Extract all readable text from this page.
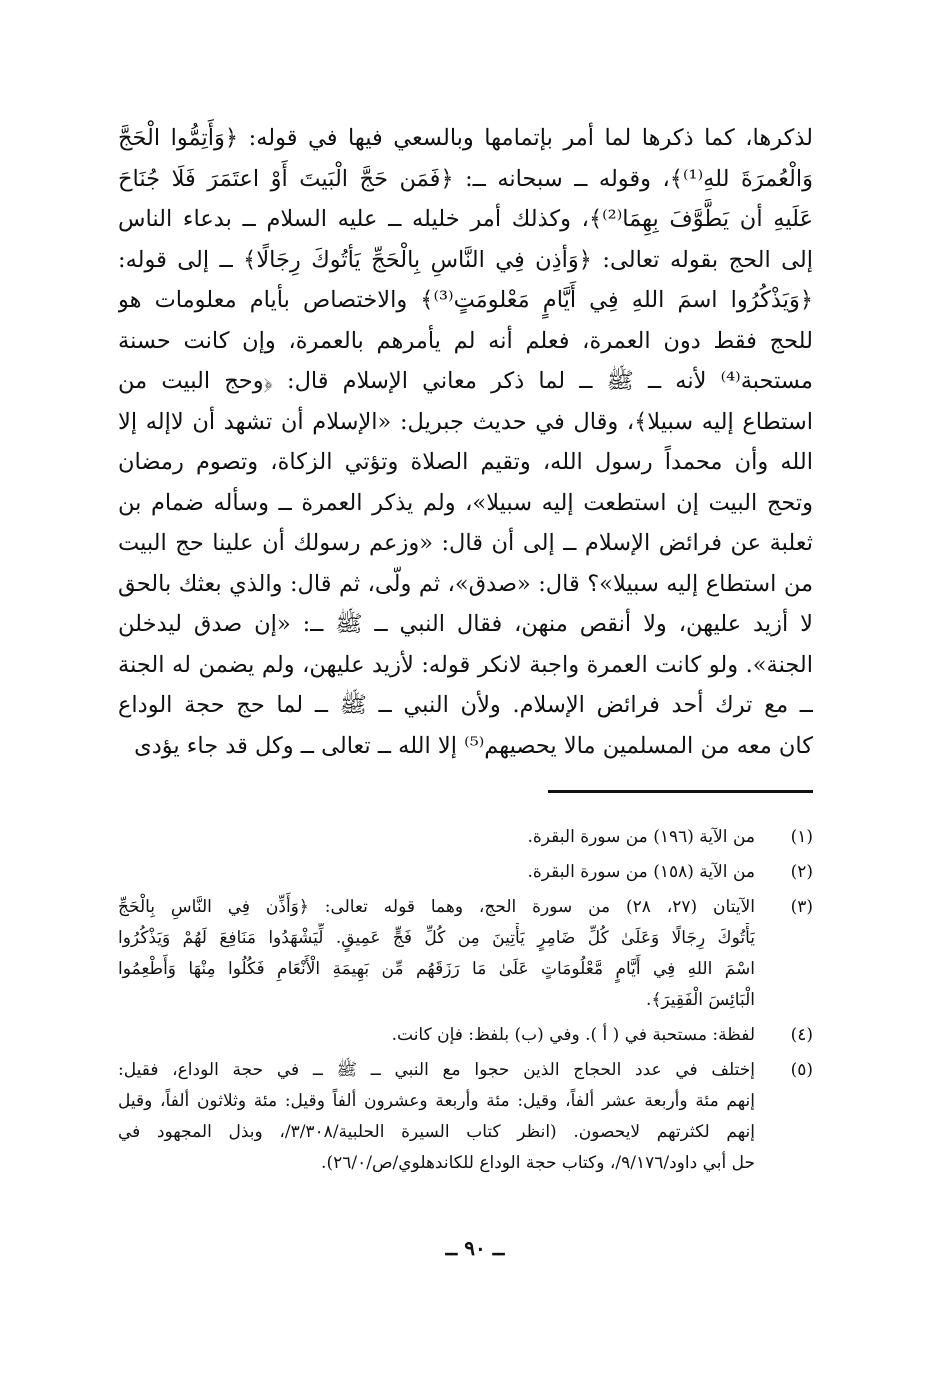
لذكرها، كما ذكرها لما أمر بإتمامها وبالسعي فيها في قوله: ﴿وَأَتِمُّوا الْحَجَّ
وَالْعُمرَةَ للهِ⁽¹⁾﴾، وقوله ــ سبحانه ــ: ﴿فَمَن حَجَّ الْبَيتَ أَوْ اعتَمَرَ فَلَا جُنَاحَ
عَلَيهِ أن يَطَّوَّفَ بِهِمَا⁽²⁾﴾، وكذلك أمر خليله ــ عليه السلام ــ بدعاء الناس
إلى الحج بقوله تعالى: ﴿وَأذِن فِي النَّاسِ بِالْحَجِّ يَأتُوكَ رِجَالًا﴾ ــ إلى قوله:
﴿وَيَذْكُرُوا اسمَ اللهِ فِي أَيَّامٍ مَعْلومَتٍ⁽³⁾﴾ والاختصاص بأيام معلومات هو
للحج فقط دون العمرة، فعلم أنه لم يأمرهم بالعمرة، وإن كانت حسنة
مستحبة⁽⁴⁾ لأنه ــ ﷺ ــ لما ذكر معاني الإسلام قال: ﴿وحج البيت من
استطاع إليه سبيلا﴾، وقال في حديث جبريل: «الإسلام أن تشهد أن لاإله إلا
الله وأن محمداً رسول الله، وتقيم الصلاة وتؤتي الزكاة، وتصوم رمضان
وتحج البيت إن استطعت إليه سبيلا»، ولم يذكر العمرة ــ وسأله ضمام بن
ثعلبة عن فرائض الإسلام ــ إلى أن قال: «وزعم رسولك أن علينا حج البيت
من استطاع إليه سبيلا»؟ قال: «صدق»، ثم ولّى، ثم قال: والذي بعثك بالحق
لا أزيد عليهن، ولا أنقص منهن، فقال النبي ــ ﷺ ــ: «إن صدق ليدخلن
الجنة». ولو كانت العمرة واجبة لانكر قوله: لأزيد عليهن، ولم يضمن له الجنة
ــ مع ترك أحد فرائض الإسلام. ولأن النبي ــ ﷺ ــ لما حج حجة الوداع
كان معه من المسلمين مالا يحصيهم⁽⁵⁾ إلا الله ــ تعالى ــ وكل قد جاء يؤدى
(١)
من الآية (١٩٦) من سورة البقرة.
(٢)
من الآية (١٥٨) من سورة البقرة.
(٣)
الآيتان (٢٧، ٢٨) من سورة الحج، وهما قوله تعالى: ﴿وَأَذِّن فِي النَّاسِ بِالْحَجِّ
يَأْتُوكَ رِجَالًا وَعَلَىٰ كُلِّ ضَامِرٍ يَأْتِينَ مِن كُلِّ فَجٍّ عَمِيقٍ. لِّيَشْهَدُوا مَنَافِعَ لَهُمْ وَيَذْكُرُوا
اسْمَ اللهِ فِي أَيَّامٍ مَّعْلُومَاتٍ عَلَىٰ مَا رَزَقَهُم مِّن بَهِيمَةِ الْأَنْعَامِ فَكُلُوا مِنْهَا وَأَطْعِمُوا
الْبَائِسَ الْفَقِيرَ﴾.
(٤)
لفظة: مستحبة في ( أ ). وفي (ب) بلفظ: فإن كانت.
(٥)
إختلف في عدد الحجاج الذين حجوا مع النبي ــ ﷺ ــ في حجة الوداع، فقيل:
إنهم مئة وأربعة عشر ألفاً، وقيل: مئة وأربعة وعشرون ألفاً وقيل: مئة وثلاثون ألفاً، وقيل
إنهم لكثرتهم لايحصون. (انظر كتاب السيرة الحلبية/٣/٣٠٨/، وبذل المجهود في
حل أبي داود/٩/١٧٦/، وكتاب حجة الوداع للكاندهلوي/ص/٢٦/٠).
ــ ٩٠ ــ
